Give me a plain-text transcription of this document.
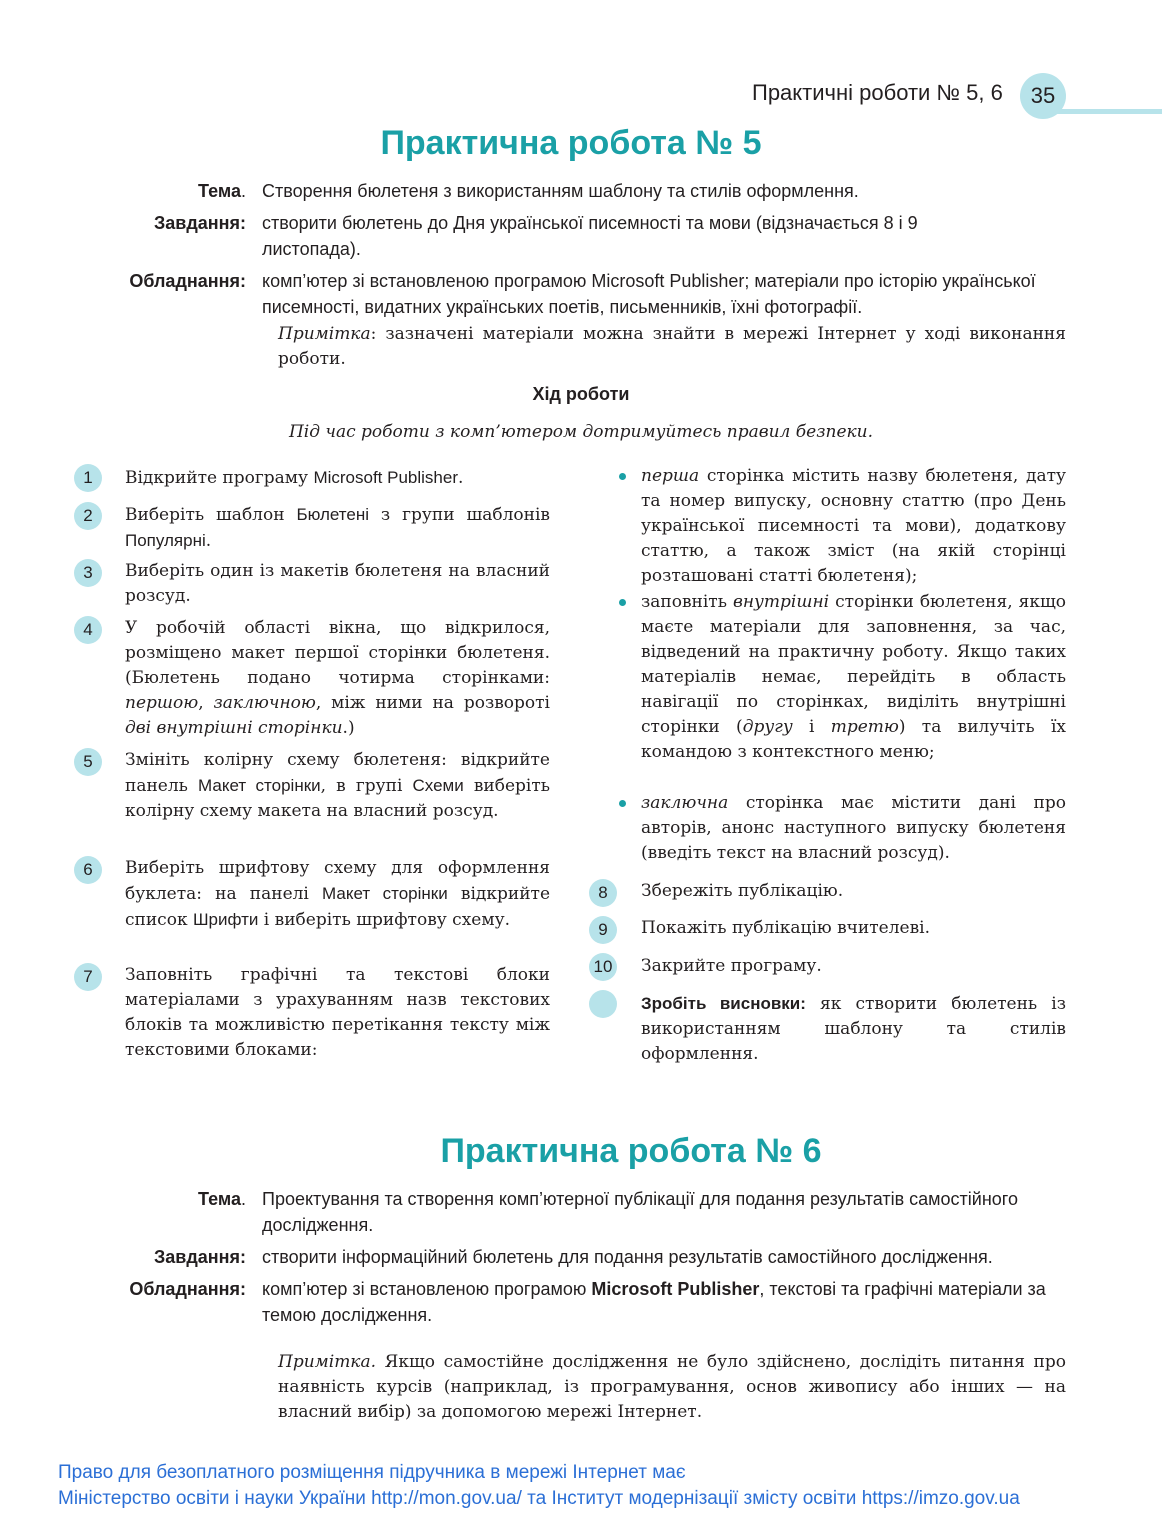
Практичні роботи № 5, 6	35
Практична робота № 5
Тема. Створення бюлетеня з використанням шаблону та стилів оформлення.
Завдання: створити бюлетень до Дня української писемності та мови (відзначається 8 і 9 листопада).
Обладнання: комп’ютер зі встановленою програмою Microsoft Publisher; матеріали про історію української писемності, видатних українських поетів, письменників, їхні фотографії.
Примітка: зазначені матеріали можна знайти в мережі Інтернет у ході виконання роботи.
Хід роботи
Під час роботи з комп’ютером дотримуйтесь правил безпеки.
1	Відкрийте програму Microsoft Publisher.
2	Виберіть шаблон Бюлетені з групи шаблонів Популярні.
3	Виберіть один із макетів бюлетеня на власний розсуд.
4	У робочій області вікна, що відкрилося, розміщено макет першої сторінки бюлетеня. (Бюлетень подано чотирма сторінками: першою, заключною, між ними на розвороті дві внутрішні сторінки.)
5	Змініть колірну схему бюлетеня: відкрийте панель Макет сторінки, в групі Схеми виберіть колірну схему макета на власний розсуд.
6	Виберіть шрифтову схему для оформлення буклета: на панелі Макет сторінки відкрийте список Шрифти і виберіть шрифтову схему.
7	Заповніть графічні та текстові блоки матеріалами з урахуванням назв текстових блоків та можливістю перетікання тексту між текстовими блоками:
перша сторінка містить назву бюлетеня, дату та номер випуску, основну статтю (про День української писемності та мови), додаткову статтю, а також зміст (на якій сторінці розташовані статті бюлетеня);
заповніть внутрішні сторінки бюлетеня, якщо маєте матеріали для заповнення, за час, відведений на практичну роботу. Якщо таких матеріалів немає, перейдіть в область навігації по сторінках, виділіть внутрішні сторінки (другу і третю) та вилучіть їх командою з контекстного меню;
заключна сторінка має містити дані про авторів, анонс наступного випуску бюлетеня (введіть текст на власний розсуд).
8	Збережіть публікацію.
9	Покажіть публікацію вчителеві.
10 Закрийте програму.
Зробіть висновки: як створити бюлетень із використанням шаблону та стилів оформлення.
Практична робота № 6
Тема. Проектування та створення комп’ютерної публікації для подання результатів самостійного дослідження.
Завдання: створити інформаційний бюлетень для подання результатів самостійного дослідження.
Обладнання: комп’ютер зі встановленою програмою Microsoft Publisher, текстові та графічні матеріали за темою дослідження.
Примітка. Якщо самостійне дослідження не було здійснено, дослідіть питання про наявність курсів (наприклад, із програмування, основ живопису або інших — на власний вибір) за допомогою мережі Інтернет.
Право для безоплатного розміщення підручника в мережі Інтернет має
Міністерство освіти і науки України http://mon.gov.ua/ та Інститут модернізації змісту освіти https://imzo.gov.ua
